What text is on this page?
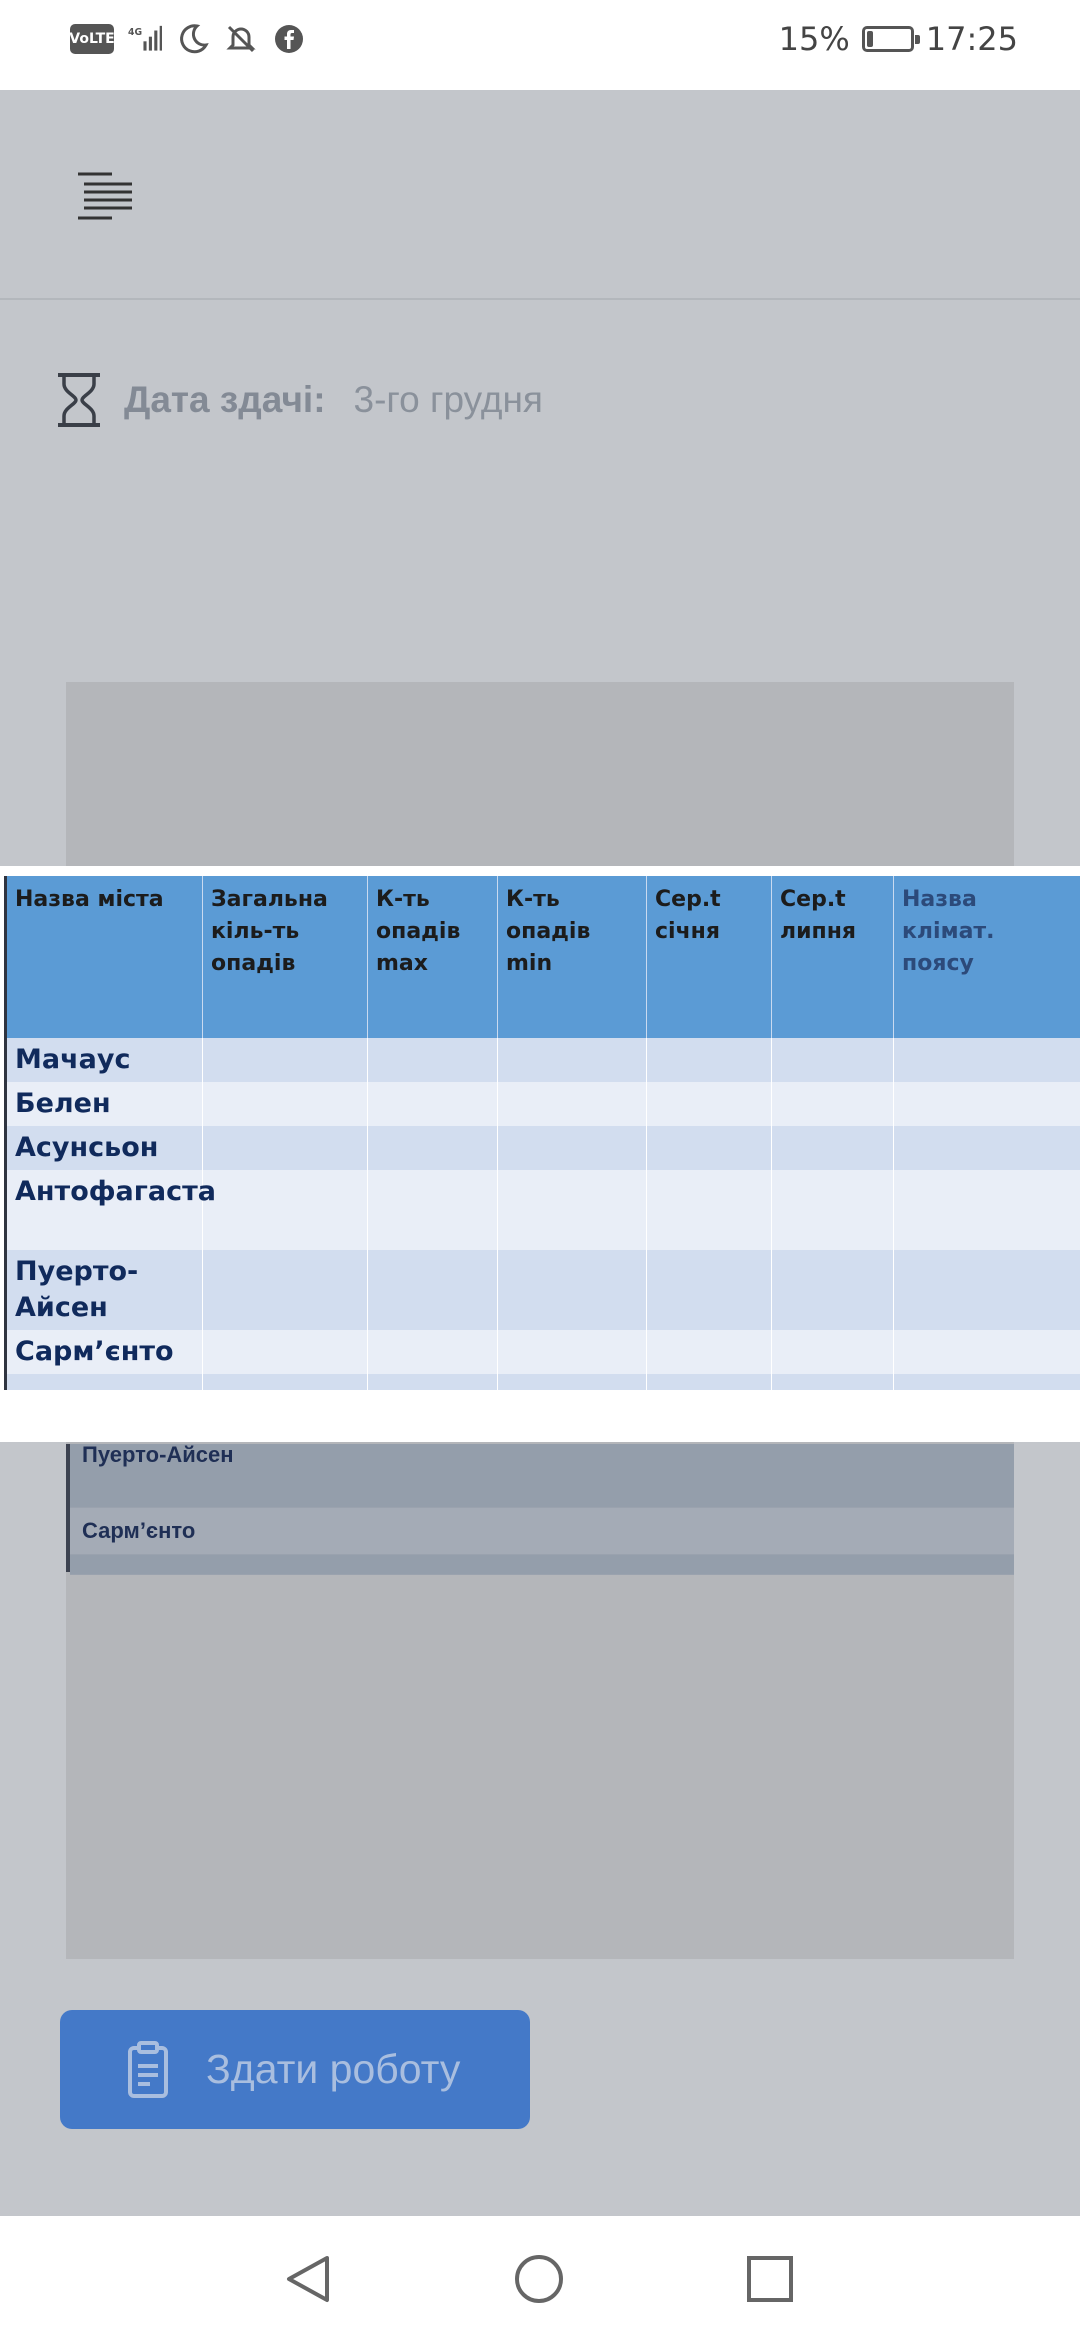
VoLTE 4G	15% 17:25
Дата здачі: 3-го грудня
Пуерто-Айсен
Сарм’єнто
Назва міста	Загальна кіль-ть опадів	К-ть опадів max	К-ть опадів min	Сер.t січня	Сер.t липня	Назва клімат. поясу
Мачаус						
Белен						
Асунсьон						
Антофагаста						
Пуерто-Айсен						
Сарм’єнто						

Здати роботу
